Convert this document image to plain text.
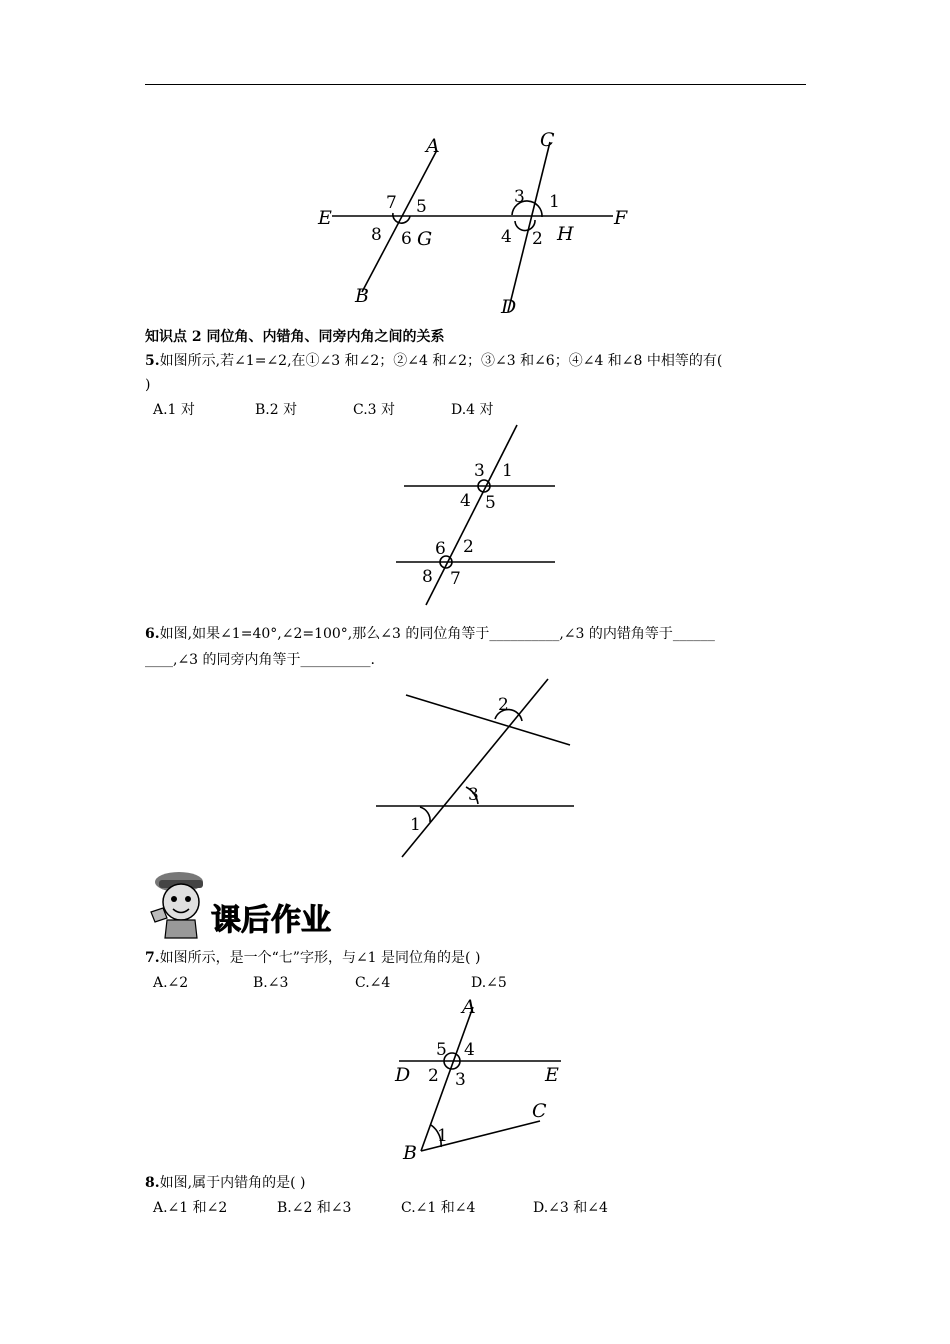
A
B
C
D
E	F
G	H
7 5
8 6
3 1
4 2
知识点 2 同位角、内错角、同旁内角之间的关系
5.如图所示,若∠1=∠2,在①∠3 和∠2；②∠4 和∠2；③∠3 和∠6；④∠4 和∠8 中相等的有(
)
A.1 对	B.2 对	C.3 对	D.4 对
3 1
4 5
6 2
8 7
6.如图,如果∠1=40°,∠2=100°,那么∠3 的同位角等于__________,∠3 的内错角等于______
____,∠3 的同旁内角等于__________.
2
3
1
课后作业
7.如图所示，是一个“七”字形，与∠1 是同位角的是( )
A.∠2	B.∠3	C.∠4	D.∠5
A
D	E
C
B
5 4
2 3
1
8.如图,属于内错角的是( )
A.∠1 和∠2	B.∠2 和∠3	C.∠1 和∠4	D.∠3 和∠4
